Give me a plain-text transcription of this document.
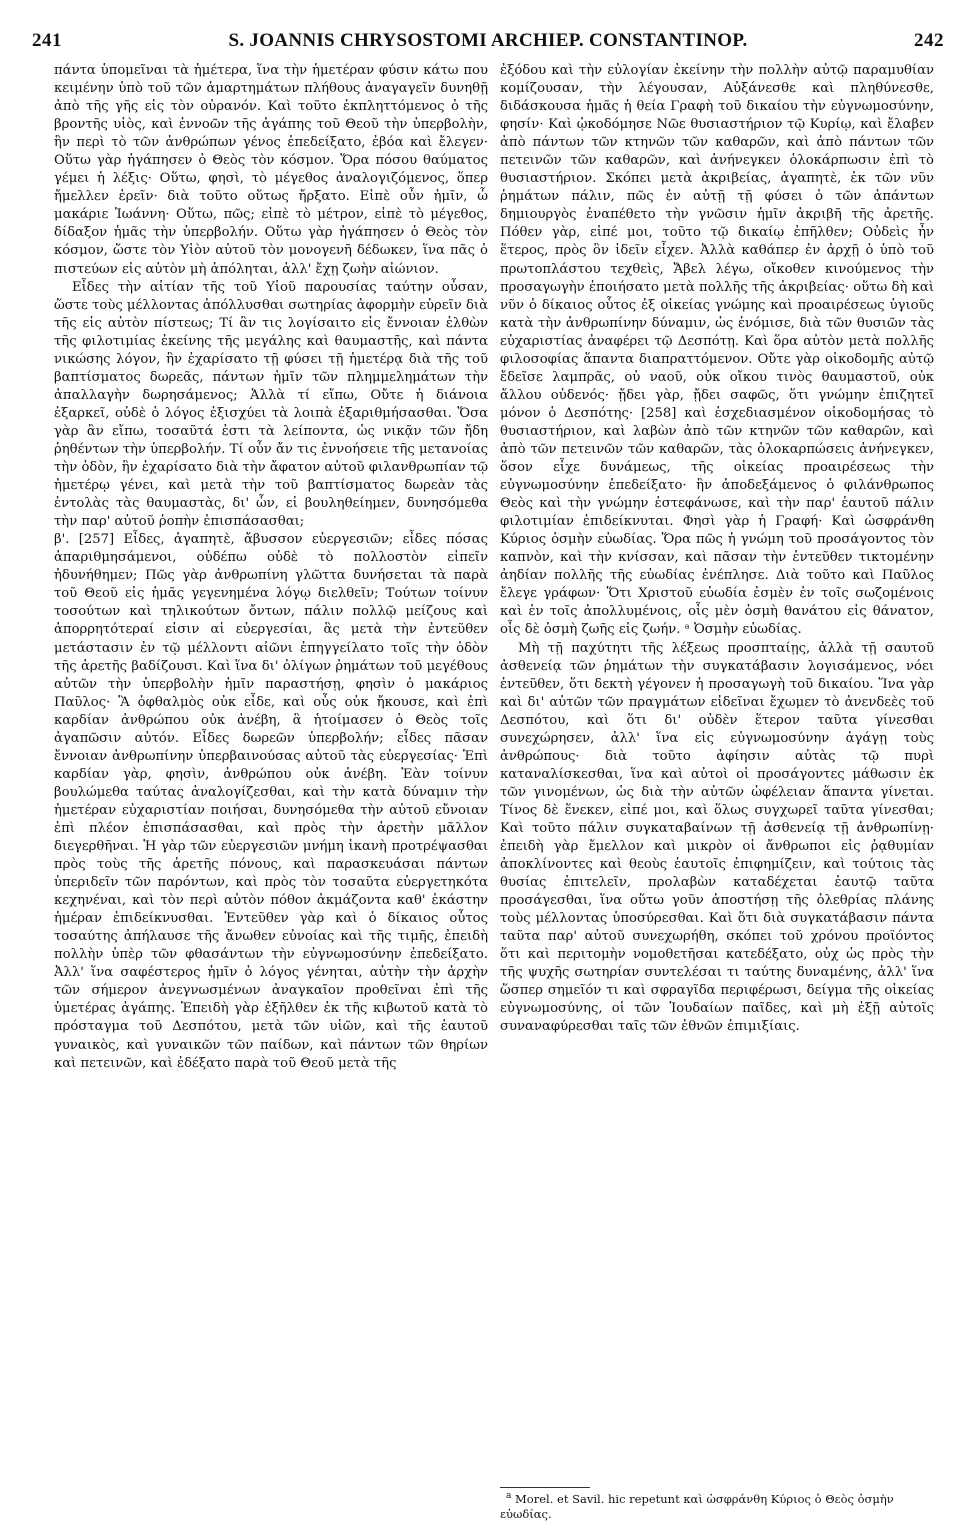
241	S. JOANNIS CHRYSOSTOMI ARCHIEP. CONSTANTINOP.	242

πάντα ὑπομεῖναι τὰ ἡμέτερα, ἵνα τὴν ἡμετέραν φύσιν κάτω που κειμένην ὑπὸ τοῦ τῶν ἁμαρτημάτων πλήθους ἀναγαγεῖν δυνηθῇ ἀπὸ τῆς γῆς εἰς τὸν οὐρανόν. Καὶ τοῦτο ἐκπληττόμενος ὁ τῆς βροντῆς υἱὸς, καὶ ἐννοῶν τῆς ἀγάπης τοῦ Θεοῦ τὴν ὑπερβολὴν, ἣν περὶ τὸ τῶν ἀνθρώπων γένος ἐπεδείξατο, ἐβόα καὶ ἔλεγεν· Οὕτω γὰρ ἠγάπησεν ὁ Θεὸς τὸν κόσμον. Ὅρα πόσου θαύματος γέμει ἡ λέξις· Οὕτω, φησὶ, τὸ μέγεθος ἀναλογιζόμενος, ὅπερ ἤμελλεν ἐρεῖν· διὰ τοῦτο οὕτως ἤρξατο. Εἰπὲ οὖν ἡμῖν, ὦ μακάριε Ἰωάννη· Οὕτω, πῶς; εἰπὲ τὸ μέτρον, εἰπὲ τὸ μέγεθος, δίδαξον ἡμᾶς τὴν ὑπερβολήν. Οὕτω γὰρ ἠγάπησεν ὁ Θεὸς τὸν κόσμον, ὥστε τὸν Υἱὸν αὐτοῦ τὸν μονογενῆ δέδωκεν, ἵνα πᾶς ὁ πιστεύων εἰς αὐτὸν μὴ ἀπόληται, ἀλλ' ἔχῃ ζωὴν αἰώνιον.

Εἶδες τὴν αἰτίαν τῆς τοῦ Υἱοῦ παρουσίας ταύτην οὖσαν, ὥστε τοὺς μέλλοντας ἀπόλλυσθαι σωτηρίας ἀφορμὴν εὑρεῖν διὰ τῆς εἰς αὐτὸν πίστεως; Τί ἂν τις λογίσαιτο εἰς ἔννοιαν ἐλθὼν τῆς φιλοτιμίας ἐκείνης τῆς μεγάλης καὶ θαυμαστῆς, καὶ πάντα νικώσης λόγον, ἣν ἐχαρίσατο τῇ φύσει τῇ ἡμετέρᾳ διὰ τῆς τοῦ βαπτίσματος δωρεᾶς, πάντων ἡμῖν τῶν πλημμελημάτων τὴν ἀπαλλαγὴν δωρησάμενος; Ἀλλὰ τί εἴπω, Οὔτε ἡ διάνοια ἐξαρκεῖ, οὐδὲ ὁ λόγος ἐξισχύει τὰ λοιπὰ ἐξαριθμήσασθαι. Ὅσα γὰρ ἂν εἴπω, τοσαῦτά ἐστι τὰ λείποντα, ὡς νικᾷν τῶν ἤδη ῥηθέντων τὴν ὑπερβολήν. Τί οὖν ἄν τις ἐννοήσειε τῆς μετανοίας τὴν ὁδὸν, ἣν ἐχαρίσατο διὰ τὴν ἄφατον αὐτοῦ φιλανθρωπίαν τῷ ἡμετέρῳ γένει, καὶ μετὰ τὴν τοῦ βαπτίσματος δωρεὰν τὰς ἐντολὰς τὰς θαυμαστὰς, δι' ὧν, εἰ βουληθείημεν, δυνησόμεθα τὴν παρ' αὐτοῦ ῥοπὴν ἐπισπάσασθαι;

β'. [257] Εἶδες, ἀγαπητὲ, ἄβυσσον εὐεργεσιῶν; εἶδες πόσας ἀπαριθμησάμενοι, οὐδέπω οὐδὲ τὸ πολλοστὸν εἰπεῖν ἠδυνήθημεν; Πῶς γὰρ ἀνθρωπίνη γλῶττα δυνήσεται τὰ παρὰ τοῦ Θεοῦ εἰς ἡμᾶς γεγενημένα λόγῳ διελθεῖν; Τούτων τοίνυν τοσούτων καὶ τηλικούτων ὄντων, πάλιν πολλῷ μείζους καὶ ἀπορρητότεραί εἰσιν αἱ εὐεργεσίαι, ἃς μετὰ τὴν ἐντεῦθεν μετάστασιν ἐν τῷ μέλλοντι αἰῶνι ἐπηγγείλατο τοῖς τὴν ὁδὸν τῆς ἀρετῆς βαδίζουσι. Καὶ ἵνα δι' ὀλίγων ῥημάτων τοῦ μεγέθους αὐτῶν τὴν ὑπερβολὴν ἡμῖν παραστήσῃ, φησὶν ὁ μακάριος Παῦλος· Ἃ ὀφθαλμὸς οὐκ εἶδε, καὶ οὖς οὐκ ἤκουσε, καὶ ἐπὶ καρδίαν ἀνθρώπου οὐκ ἀνέβη, ἃ ἡτοίμασεν ὁ Θεὸς τοῖς ἀγαπῶσιν αὐτόν. Εἶδες δωρεῶν ὑπερβολήν; εἶδες πᾶσαν ἔννοιαν ἀνθρωπίνην ὑπερβαινούσας αὐτοῦ τὰς εὐεργεσίας· Ἐπὶ καρδίαν γὰρ, φησὶν, ἀνθρώπου οὐκ ἀνέβη. Ἐὰν τοίνυν βουλώμεθα ταύτας ἀναλογίζεσθαι, καὶ τὴν κατὰ δύναμιν τὴν ἡμετέραν εὐχαριστίαν ποιήσαι, δυνησόμεθα τὴν αὐτοῦ εὔνοιαν ἐπὶ πλέον ἐπισπάσασθαι, καὶ πρὸς τὴν ἀρετὴν μᾶλλον διεγερθῆναι. Ἡ γὰρ τῶν εὐεργεσιῶν μνήμη ἱκανὴ προτρέψασθαι πρὸς τοὺς τῆς ἀρετῆς πόνους, καὶ παρασκευάσαι πάντων ὑπεριδεῖν τῶν παρόντων, καὶ πρὸς τὸν τοσαῦτα εὐεργετηκότα κεχηνέναι, καὶ τὸν περὶ αὐτὸν πόθον ἀκμάζοντα καθ' ἑκάστην ἡμέραν ἐπιδείκνυσθαι. Ἐντεῦθεν γὰρ καὶ ὁ δίκαιος οὗτος τοσαύτης ἀπήλαυσε τῆς ἄνωθεν εὐνοίας καὶ τῆς τιμῆς, ἐπειδὴ πολλὴν ὑπὲρ τῶν φθασάντων τὴν εὐγνωμοσύνην ἐπεδείξατο. Ἀλλ' ἵνα σαφέστερος ἡμῖν ὁ λόγος γένηται, αὐτὴν τὴν ἀρχὴν τῶν σήμερον ἀνεγνωσμένων ἀναγκαῖον προθεῖναι ἐπὶ τῆς ὑμετέρας ἀγάπης. Ἐπειδὴ γὰρ ἐξῆλθεν ἐκ τῆς κιβωτοῦ κατὰ τὸ πρόσταγμα τοῦ Δεσπότου, μετὰ τῶν υἱῶν, καὶ τῆς ἑαυτοῦ γυναικὸς, καὶ γυναικῶν τῶν παίδων, καὶ πάντων τῶν θηρίων καὶ πετεινῶν, καὶ ἐδέξατο παρὰ τοῦ Θεοῦ μετὰ τῆς

ἐξόδου καὶ τὴν εὐλογίαν ἐκείνην τὴν πολλὴν αὐτῷ παραμυθίαν κομίζουσαν, τὴν λέγουσαν, Αὐξάνεσθε καὶ πληθύνεσθε, διδάσκουσα ἡμᾶς ἡ θεία Γραφὴ τοῦ δικαίου τὴν εὐγνωμοσύνην, φησίν· Καὶ ᾠκοδόμησε Νῶε θυσιαστήριον τῷ Κυρίῳ, καὶ ἔλαβεν ἀπὸ πάντων τῶν κτηνῶν τῶν καθαρῶν, καὶ ἀπὸ πάντων τῶν πετεινῶν τῶν καθαρῶν, καὶ ἀνήνεγκεν ὁλοκάρπωσιν ἐπὶ τὸ θυσιαστήριον. Σκόπει μετὰ ἀκριβείας, ἀγαπητὲ, ἐκ τῶν νῦν ῥημάτων πάλιν, πῶς ἐν αὐτῇ τῇ φύσει ὁ τῶν ἁπάντων δημιουργὸς ἐναπέθετο τὴν γνῶσιν ἡμῖν ἀκριβῆ τῆς ἀρετῆς. Πόθεν γὰρ, εἰπέ μοι, τοῦτο τῷ δικαίῳ ἐπῆλθεν; Οὐδεὶς ἦν ἕτερος, πρὸς ὃν ἰδεῖν εἶχεν. Ἀλλὰ καθάπερ ἐν ἀρχῇ ὁ ὑπὸ τοῦ πρωτοπλάστου τεχθεὶς, Ἄβελ λέγω, οἴκοθεν κινούμενος τὴν προσαγωγὴν ἐποιήσατο μετὰ πολλῆς τῆς ἀκριβείας· οὕτω δὴ καὶ νῦν ὁ δίκαιος οὗτος ἐξ οἰκείας γνώμης καὶ προαιρέσεως ὑγιοῦς κατὰ τὴν ἀνθρωπίνην δύναμιν, ὡς ἐνόμισε, διὰ τῶν θυσιῶν τὰς εὐχαριστίας ἀναφέρει τῷ Δεσπότῃ. Καὶ ὅρα αὐτὸν μετὰ πολλῆς φιλοσοφίας ἅπαντα διαπραττόμενον. Οὔτε γὰρ οἰκοδομῆς αὐτῷ ἔδεῖσε λαμπρᾶς, οὐ ναοῦ, οὐκ οἴκου τινὸς θαυμαστοῦ, οὐκ ἄλλου οὐδενός· ᾔδει γὰρ, ᾔδει σαφῶς, ὅτι γνώμην ἐπιζητεῖ μόνον ὁ Δεσπότης· [258] καὶ ἐσχεδιασμένον οἰκοδομήσας τὸ θυσιαστήριον, καὶ λαβὼν ἀπὸ τῶν κτηνῶν τῶν καθαρῶν, καὶ ἀπὸ τῶν πετεινῶν τῶν καθαρῶν, τὰς ὁλοκαρπώσεις ἀνήνεγκεν, ὅσον εἶχε δυνάμεως, τῆς οἰκείας προαιρέσεως τὴν εὐγνωμοσύνην ἐπεδείξατο· ἣν ἀποδεξάμενος ὁ φιλάνθρωπος Θεὸς καὶ τὴν γνώμην ἐστεφάνωσε, καὶ τὴν παρ' ἑαυτοῦ πάλιν φιλοτιμίαν ἐπιδείκνυται. Φησὶ γὰρ ἡ Γραφή· Καὶ ὠσφράνθη Κύριος ὀσμὴν εὐωδίας. Ὅρα πῶς ἡ γνώμη τοῦ προσάγοντος τὸν καπνὸν, καὶ τὴν κνίσσαν, καὶ πᾶσαν τὴν ἐντεῦθεν τικτομένην ἀηδίαν πολλῆς τῆς εὐωδίας ἐνέπλησε. Διὰ τοῦτο καὶ Παῦλος ἔλεγε γράφων· Ὅτι Χριστοῦ εὐωδία ἐσμὲν ἐν τοῖς σωζομένοις καὶ ἐν τοῖς ἀπολλυμένοις, οἷς μὲν ὀσμὴ θανάτου εἰς θάνατον, οἷς δὲ ὀσμὴ ζωῆς εἰς ζωήν. ᵃ Ὀσμὴν εὐωδίας.

Μὴ τῇ παχύτητι τῆς λέξεως προσπταίῃς, ἀλλὰ τῇ σαυτοῦ ἀσθενείᾳ τῶν ῥημάτων τὴν συγκατάβασιν λογισάμενος, νόει ἐντεῦθεν, ὅτι δεκτὴ γέγονεν ἡ προσαγωγὴ τοῦ δικαίου. Ἵνα γὰρ καὶ δι' αὐτῶν τῶν πραγμάτων εἰδεῖναι ἔχωμεν τὸ ἀνενδεὲς τοῦ Δεσπότου, καὶ ὅτι δι' οὐδὲν ἕτερον ταῦτα γίνεσθαι συνεχώρησεν, ἀλλ' ἵνα εἰς εὐγνωμοσύνην ἀγάγῃ τοὺς ἀνθρώπους· διὰ τοῦτο ἀφίησιν αὐτὰς τῷ πυρὶ καταναλίσκεσθαι, ἵνα καὶ αὐτοὶ οἱ προσάγοντες μάθωσιν ἐκ τῶν γινομένων, ὡς διὰ τὴν αὐτῶν ὠφέλειαν ἅπαντα γίνεται. Τίνος δὲ ἕνεκεν, εἰπέ μοι, καὶ ὅλως συγχωρεῖ ταῦτα γίνεσθαι; Καὶ τοῦτο πάλιν συγκαταβαίνων τῇ ἀσθενείᾳ τῇ ἀνθρωπίνῃ· ἐπειδὴ γὰρ ἔμελλον καὶ μικρὸν οἱ ἄνθρωποι εἰς ῥᾳθυμίαν ἀποκλίνοντες καὶ θεοὺς ἑαυτοῖς ἐπιφημίζειν, καὶ τούτοις τὰς θυσίας ἐπιτελεῖν, προλαβὼν καταδέχεται ἑαυτῷ ταῦτα προσάγεσθαι, ἵνα οὕτω γοῦν ἀποστήσῃ τῆς ὀλεθρίας πλάνης τοὺς μέλλοντας ὑποσύρεσθαι. Καὶ ὅτι διὰ συγκατάβασιν πάντα ταῦτα παρ' αὐτοῦ συνεχωρήθη, σκόπει τοῦ χρόνου προϊόντος ὅτι καὶ περιτομὴν νομοθετῆσαι κατεδέξατο, οὐχ ὡς πρὸς τὴν τῆς ψυχῆς σωτηρίαν συντελέσαι τι ταύτης δυναμένης, ἀλλ' ἵνα ὥσπερ σημεῖόν τι καὶ σφραγῖδα περιφέρωσι, δείγμα τῆς οἰκείας εὐγνωμοσύνης, οἱ τῶν Ἰουδαίων παῖδες, καὶ μὴ ἐξῇ αὐτοῖς συναναφύρεσθαι ταῖς τῶν ἐθνῶν ἐπιμιξίαις.

$^a$ Morel. et Savil. hic repetunt καὶ ὠσφράνθη Κύριος ὁ Θεὸς ὀσμὴν εὐωδίας.
